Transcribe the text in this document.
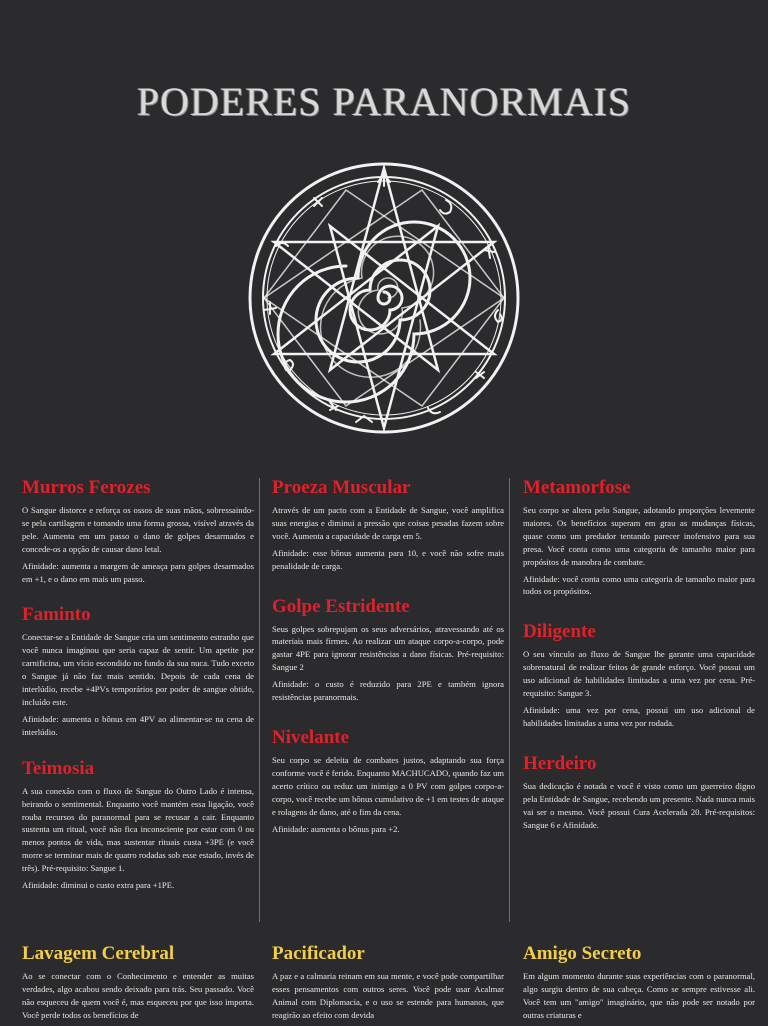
PODERES PARANORMAIS
Murros Ferozes

O Sangue distorce e reforça os ossos de suas mãos, sobressaindo-se pela cartilagem e tomando uma forma grossa, visível através da pele. Aumenta em um passo o dano de golpes desarmados e concede-os a opção de causar dano letal.

Afinidade: aumenta a margem de ameaça para golpes desarmados em +1, e o dano em mais um passo.

Faminto

Conectar-se a Entidade de Sangue cria um sentimento estranho que você nunca imaginou que seria capaz de sentir. Um apetite por carnificina, um vício escondido no fundo da sua nuca. Tudo exceto o Sangue já não faz mais sentido. Depois de cada cena de interlúdio, recebe +4PVs temporários por poder de sangue obtido, incluído este.

Afinidade: aumenta o bônus em 4PV ao alimentar-se na cena de interlúdio.

Teimosia

A sua conexão com o fluxo de Sangue do Outro Lado é intensa, beirando o sentimental. Enquanto você mantém essa ligação, você rouba recursos do paranormal para se recusar a cair. Enquanto sustenta um ritual, você não fica inconsciente por estar com 0 ou menos pontos de vida, mas sustentar rituais custa +3PE (e você morre se terminar mais de quatro rodadas sob esse estado, invés de três). Pré-requisito: Sangue 1.

Afinidade: diminui o custo extra para +1PE.

Proeza Muscular

Através de um pacto com a Entidade de Sangue, você amplifica suas energias e diminui a pressão que coisas pesadas fazem sobre você. Aumenta a capacidade de carga em 5.

Afinidade: esse bônus aumenta para 10, e você não sofre mais penalidade de carga.

Golpe Estridente

Seus golpes sobrepujam os seus adversários, atravessando até os materiais mais firmes. Ao realizar um ataque corpo-a-corpo, pode gastar 4PE para ignorar resistências a dano físicas. Pré-requisito: Sangue 2

Afinidade: o custo é reduzido para 2PE e também ignora resistências paranormais.

Nivelante

Seu corpo se deleita de combates justos, adaptando sua força conforme você é ferido. Enquanto MACHUCADO, quando faz um acerto crítico ou reduz um inimigo a 0 PV com golpes corpo-a-corpo, você recebe um bônus cumulativo de +1 em testes de ataque e rolagens de dano, até o fim da cena.

Afinidade: aumenta o bônus para +2.

Metamorfose

Seu corpo se altera pelo Sangue, adotando proporções levemente maiores. Os benefícios superam em grau as mudanças físicas, quase como um predador tentando parecer inofensivo para sua presa. Você conta como uma categoria de tamanho maior para propósitos de manobra de combate.

Afinidade: você conta como uma categoria de tamanho maior para todos os propósitos.

Diligente

O seu vínculo ao fluxo de Sangue lhe garante uma capacidade sobrenatural de realizar feitos de grande esforço. Você possui um uso adicional de habilidades limitadas a uma vez por cena. Pré-requisito: Sangue 3.

Afinidade: uma vez por cena, possui um uso adicional de habilidades limitadas a uma vez por rodada.

Herdeiro

Sua dedicação é notada e você é visto como um guerreiro digno pela Entidade de Sangue, recebendo um presente. Nada nunca mais vai ser o mesmo. Você possui Cura Acelerada 20. Pré-requisitos: Sangue 6 e Afinidade.

Lavagem Cerebral

Ao se conectar com o Conhecimento e entender as muitas verdades, algo acabou sendo deixado para trás. Seu passado. Você não esqueceu de quem você é, mas esqueceu por que isso importa. Você perde todos os benefícios de

Pacificador

A paz e a calmaria reinam em sua mente, e você pode compartilhar esses pensamentos com outros seres. Você pode usar Acalmar Animal com Diplomacia, e o uso se estende para humanos, que reagirão ao efeito com devida

Amigo Secreto

Em algum momento durante suas experiências com o paranormal, algo surgiu dentro de sua cabeça. Como se sempre estivesse ali. Você tem um "amigo" imaginário, que não pode ser notado por outras criaturas e
